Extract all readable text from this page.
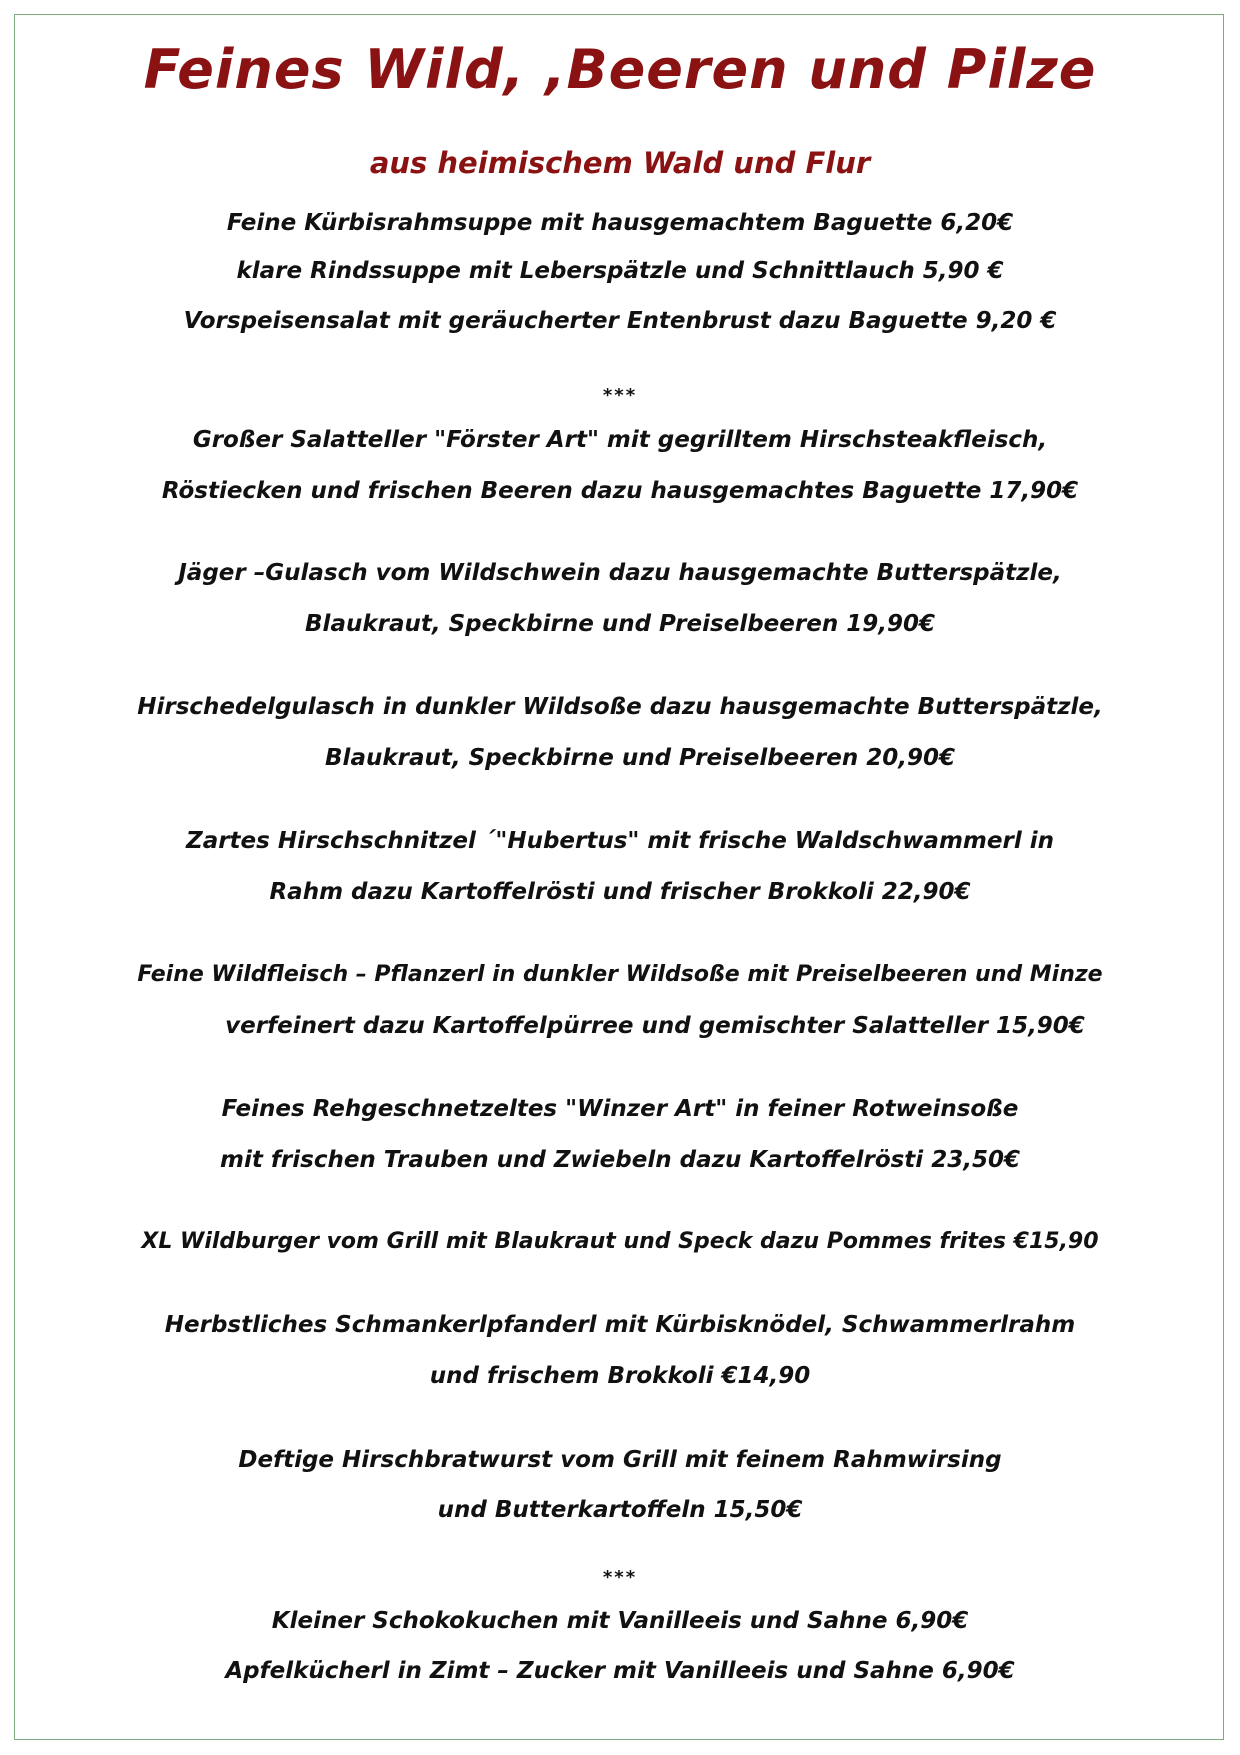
Feines Wild, ,Beeren und Pilze
aus heimischem Wald und Flur
Feine Kürbisrahmsuppe mit hausgemachtem Baguette 6,20€
klare Rindssuppe mit Leberspätzle und Schnittlauch 5,90 €
Vorspeisensalat mit geräucherter Entenbrust dazu Baguette 9,20 €
***
Großer Salatteller "Förster Art" mit gegrilltem Hirschsteakfleisch,
Röstiecken und frischen Beeren dazu hausgemachtes Baguette 17,90€
Jäger –Gulasch vom Wildschwein dazu hausgemachte Butterspätzle,
Blaukraut, Speckbirne und Preiselbeeren 19,90€
Hirschedelgulasch in dunkler Wildsoße dazu hausgemachte Butterspätzle,
Blaukraut, Speckbirne und Preiselbeeren 20,90€
Zartes Hirschschnitzel ´"Hubertus" mit frische Waldschwammerl in
Rahm dazu Kartoffelrösti und frischer Brokkoli 22,90€
Feine Wildfleisch – Pflanzerl in dunkler Wildsoße mit Preiselbeeren und Minze
verfeinert dazu Kartoffelpürree und gemischter Salatteller 15,90€
Feines Rehgeschnetzeltes "Winzer Art" in feiner Rotweinsoße
mit frischen Trauben und Zwiebeln dazu Kartoffelrösti 23,50€
XL Wildburger vom Grill mit Blaukraut und Speck dazu Pommes frites €15,90
Herbstliches Schmankerlpfanderl mit Kürbisknödel, Schwammerlrahm
und frischem Brokkoli €14,90
Deftige Hirschbratwurst vom Grill mit feinem Rahmwirsing
und Butterkartoffeln 15,50€
***
Kleiner Schokokuchen mit Vanilleeis und Sahne 6,90€
Apfelkücherl in Zimt – Zucker mit Vanilleeis und Sahne 6,90€
